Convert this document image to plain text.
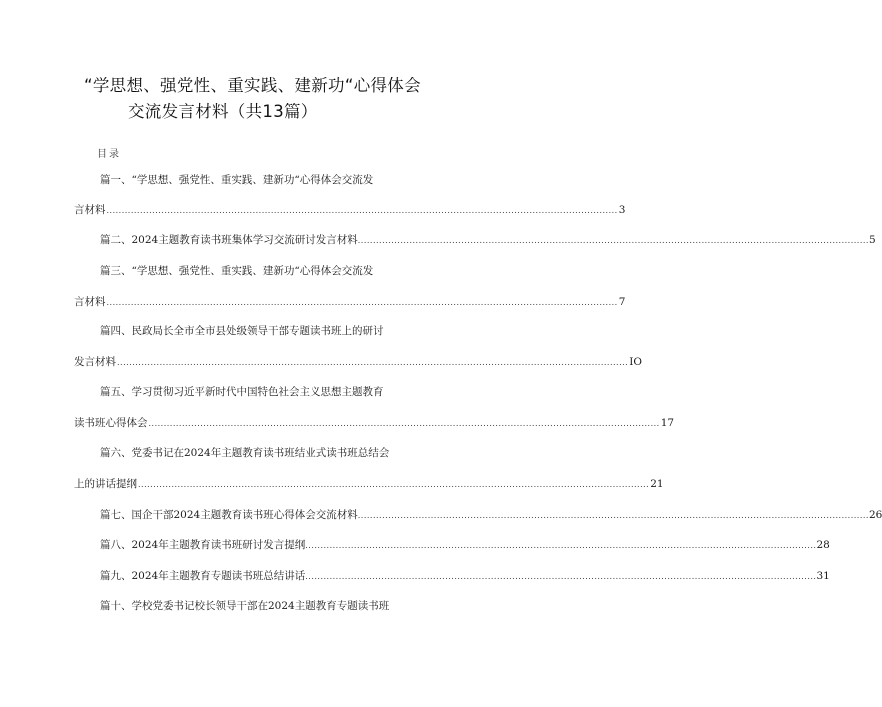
“学思想、强党性、重实践、建新功“心得体会
交流发言材料（共13篇）
目录
篇一、“学思想、强党性、重实践、建新功“心得体会交流发
言材料 ........................................................................................................................................................................ 3
篇二、2024主题教育读书班集体学习交流研讨发言材料 ........................................................................................................................................................................ 5
篇三、“学思想、强党性、重实践、建新功“心得体会交流发
言材料 ........................................................................................................................................................................ 7
篇四、民政局长全市全市县处级领导干部专题读书班上的研讨
发言材料 ........................................................................................................................................................................ IO
篇五、学习贯彻习近平新时代中国特色社会主义思想主题教育
读书班心得体会 ........................................................................................................................................................................ 17
篇六、党委书记在2024年主题教育读书班结业式读书班总结会
上的讲话提纲 ........................................................................................................................................................................ 21
篇七、国企干部2024主题教育读书班心得体会交流材料 ........................................................................................................................................................................ 26
篇八、2024年主题教育读书班研讨发言提纲 ........................................................................................................................................................................ 28
篇九、2024年主题教育专题读书班总结讲话 ........................................................................................................................................................................ 31
篇十、学校党委书记校长领导干部在2024主题教育专题读书班
